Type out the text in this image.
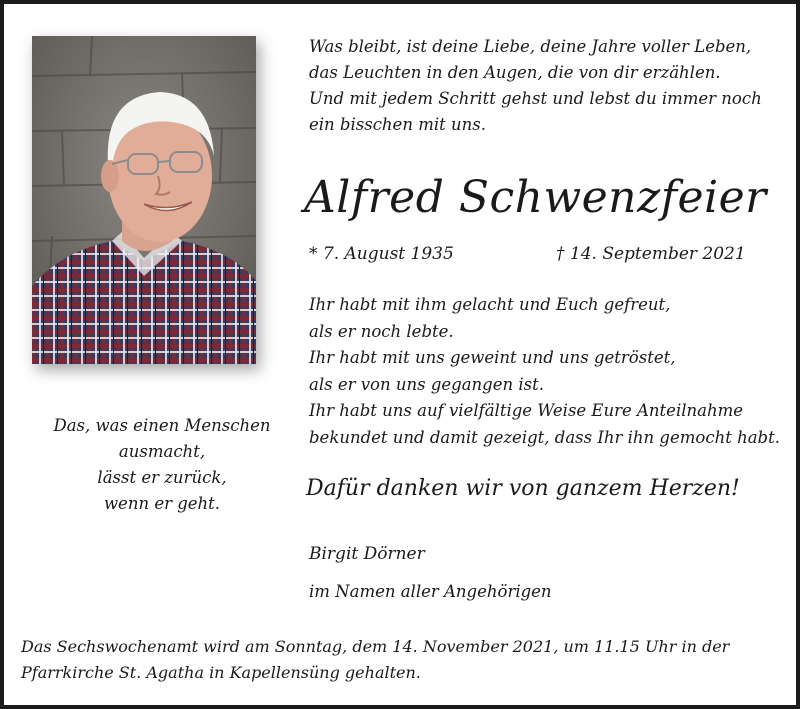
Was bleibt, ist deine Liebe, deine Jahre voller Leben,
das Leuchten in den Augen, die von dir erzählen.
Und mit jedem Schritt gehst und lebst du immer noch
ein bisschen mit uns.
Alfred Schwenzfeier
* 7. August 1935	† 14. September 2021
Ihr habt mit ihm gelacht und Euch gefreut,
als er noch lebte.
Ihr habt mit uns geweint und uns getröstet,
als er von uns gegangen ist.
Ihr habt uns auf vielfältige Weise Eure Anteilnahme
bekundet und damit gezeigt, dass Ihr ihn gemocht habt.
Dafür danken wir von ganzem Herzen!
Birgit Dörner
im Namen aller Angehörigen
Das, was einen Menschen
ausmacht,
lässt er zurück,
wenn er geht.
Das Sechswochenamt wird am Sonntag, dem 14. November 2021, um 11.15 Uhr in der
Pfarrkirche St. Agatha in Kapellensüng gehalten.
